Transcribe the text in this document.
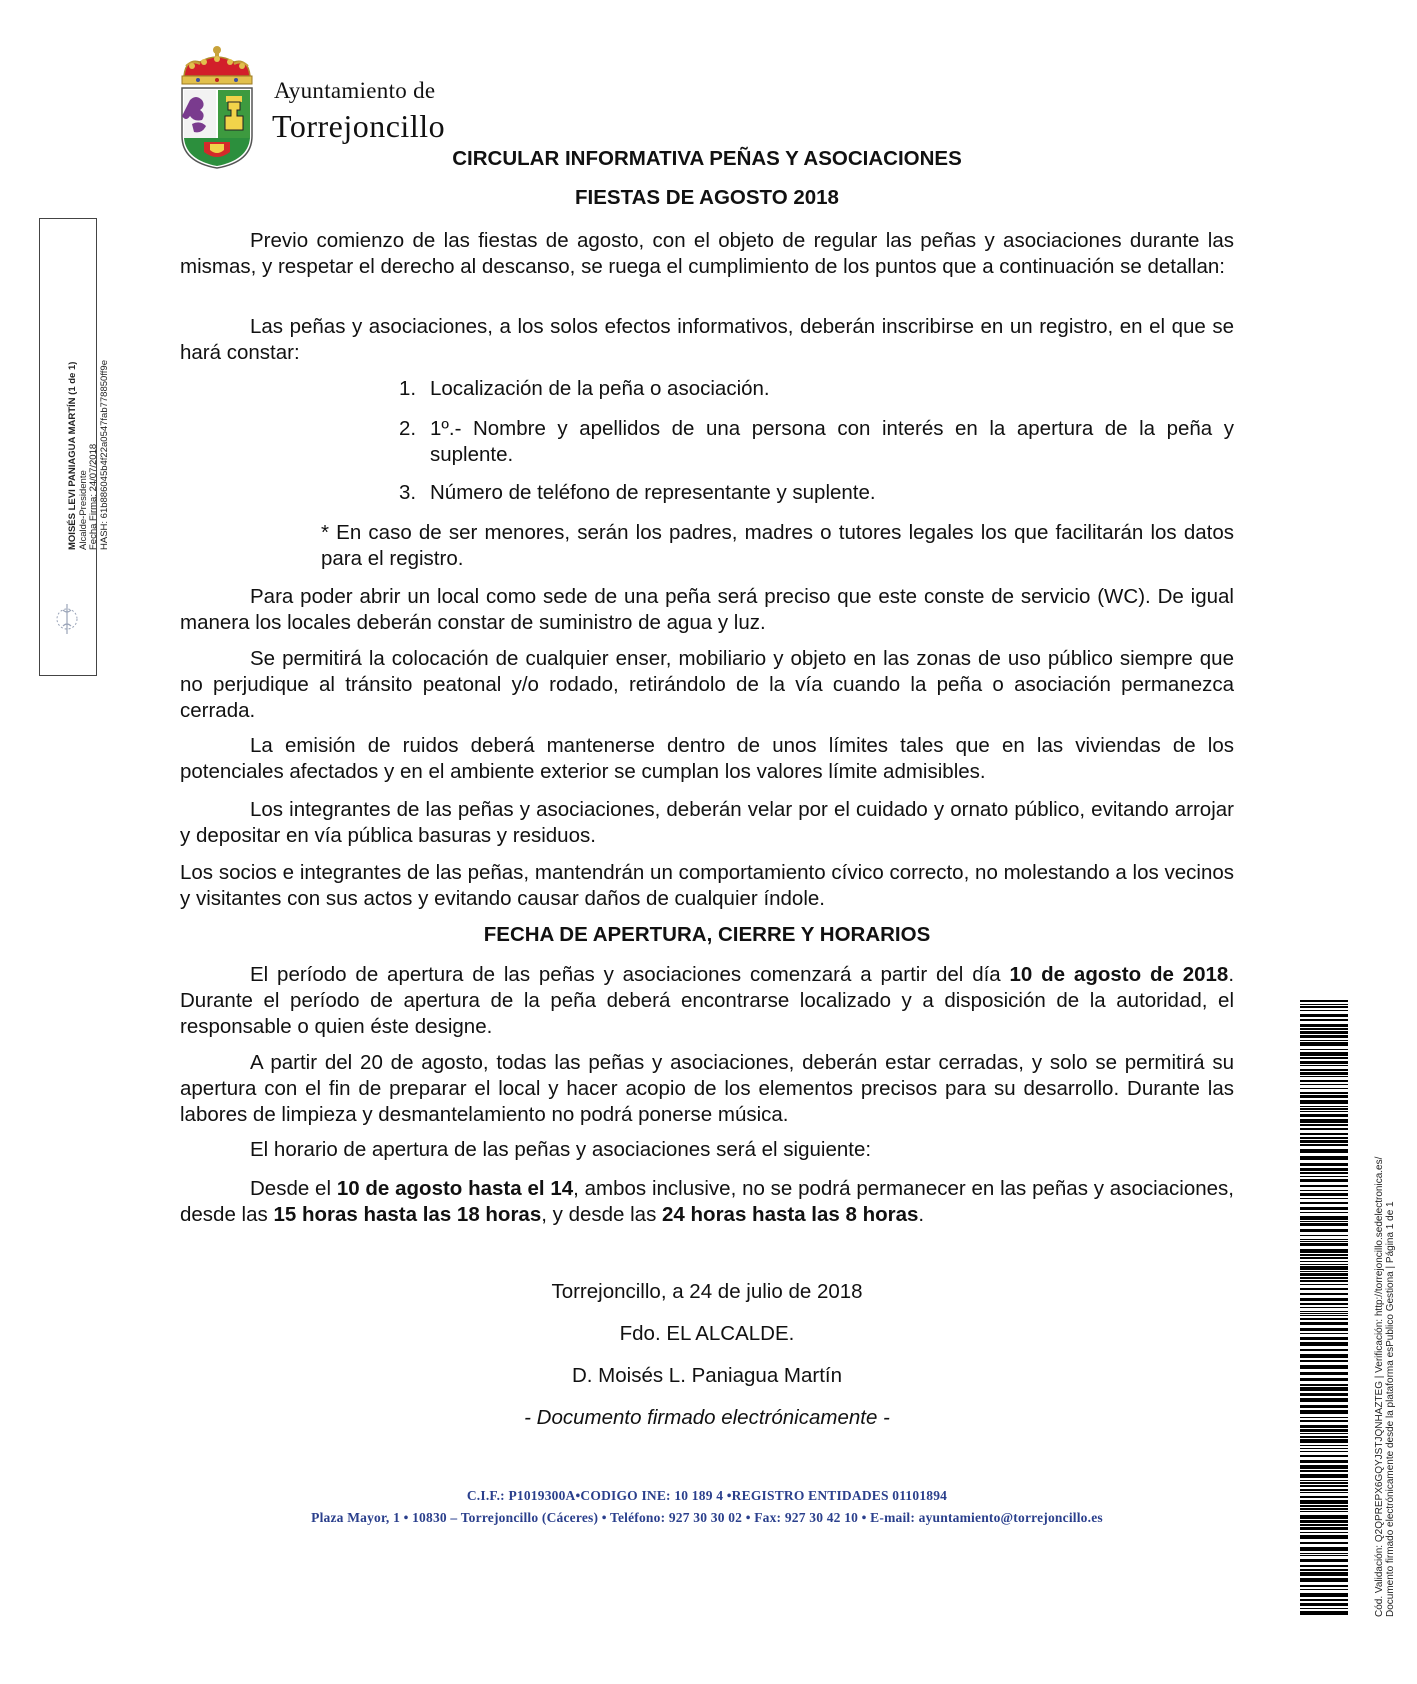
Ayuntamiento de
Torrejoncillo
CIRCULAR INFORMATIVA PEÑAS Y ASOCIACIONES
FIESTAS DE AGOSTO 2018
Previo comienzo de las fiestas de agosto, con el objeto de regular las peñas y asociaciones durante las mismas, y respetar el derecho al descanso, se ruega el cumplimiento de los puntos que a continuación se detallan:
Las peñas y asociaciones, a los solos efectos informativos, deberán inscribirse en un registro, en el que se hará constar:
1. Localización de la peña o asociación.
2. 1º.- Nombre y apellidos de una persona con interés en la apertura de la peña y suplente.
3. Número de teléfono de representante y suplente.
* En caso de ser menores, serán los padres, madres o tutores legales los que facilitarán los datos para el registro.
Para poder abrir un local como sede de una peña será preciso que este conste de servicio (WC). De igual manera los locales deberán constar de suministro de agua y luz.
Se permitirá la colocación de cualquier enser, mobiliario y objeto en las zonas de uso público siempre que no perjudique al tránsito peatonal y/o rodado, retirándolo de la vía cuando la peña o asociación permanezca cerrada.
La emisión de ruidos deberá mantenerse dentro de unos límites tales que en las viviendas de los potenciales afectados y en el ambiente exterior se cumplan los valores límite admisibles.
Los integrantes de las peñas y asociaciones, deberán velar por el cuidado y ornato público, evitando arrojar y depositar en vía pública basuras y residuos.
Los socios e integrantes de las peñas, mantendrán un comportamiento cívico correcto, no molestando a los vecinos y visitantes con sus actos y evitando causar daños de cualquier índole.
FECHA DE APERTURA, CIERRE Y HORARIOS
El período de apertura de las peñas y asociaciones comenzará a partir del día 10 de agosto de 2018. Durante el período de apertura de la peña deberá encontrarse localizado y a disposición de la autoridad, el responsable o quien éste designe.
A partir del 20 de agosto, todas las peñas y asociaciones, deberán estar cerradas, y solo se permitirá su apertura con el fin de preparar el local y hacer acopio de los elementos precisos para su desarrollo. Durante las labores de limpieza y desmantelamiento no podrá ponerse música.
El horario de apertura de las peñas y asociaciones será el siguiente:
Desde el 10 de agosto hasta el 14, ambos inclusive, no se podrá permanecer en las peñas y asociaciones, desde las 15 horas hasta las 18 horas, y desde las 24 horas hasta las 8 horas.
Torrejoncillo, a 24 de julio de 2018
Fdo. EL ALCALDE.
D. Moisés L. Paniagua Martín
- Documento firmado electrónicamente -
C.I.F.: P1019300A•CODIGO INE: 10 189 4 •REGISTRO ENTIDADES 01101894
Plaza Mayor, 1 • 10830 – Torrejoncillo (Cáceres) • Teléfono: 927 30 30 02 • Fax: 927 30 42 10 • E-mail: ayuntamiento@torrejoncillo.es
MOISÉS LEVI PANIAGUA MARTÍN (1 de 1) Alcalde-Presidente Fecha Firma: 24/07/2018 HASH: 61b886045b4f22a0547fab778850ff9e
Cód. Validación: Q2QPREPX6GQYJSTJQNHAZTEG | Verificación: http://torrejoncillo.sedelectronica.es/ Documento firmado electrónicamente desde la plataforma esPublico Gestiona | Página 1 de 1
